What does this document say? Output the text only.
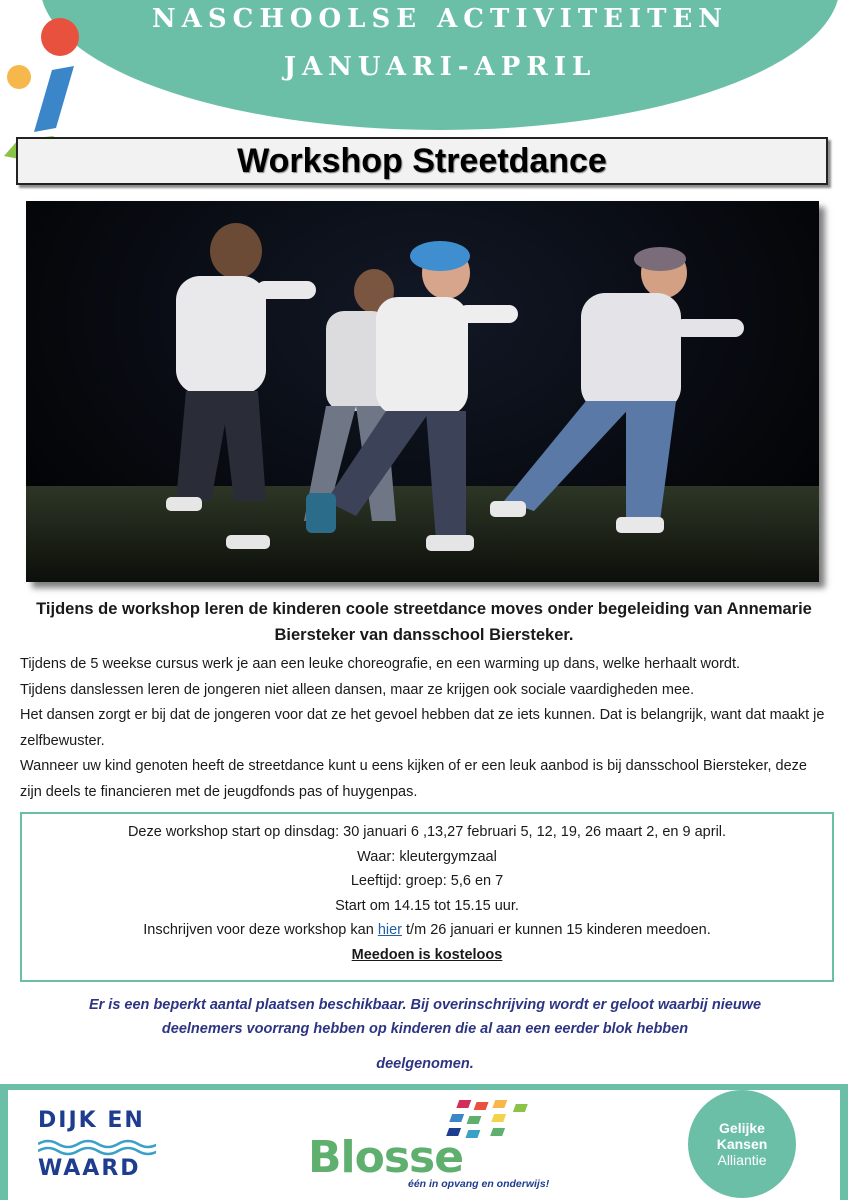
NASCHOOLSE ACTIVITEITEN
JANUARI-APRIL
Workshop Streetdance

Tijdens de workshop leren de kinderen coole streetdance moves onder begeleiding van Annemarie Biersteker van dansschool Biersteker.

Tijdens de 5 weekse cursus werk je aan een leuke choreografie, en een warming up dans, welke herhaalt wordt.

Tijdens danslessen leren de jongeren niet alleen dansen, maar ze krijgen ook sociale vaardigheden mee.

Het dansen zorgt er bij dat de jongeren voor dat ze het gevoel hebben dat ze iets kunnen. Dat is belangrijk, want dat maakt je zelfbewuster.

Wanneer uw kind genoten heeft de streetdance kunt u eens kijken of er een leuk aanbod is bij dansschool Biersteker, deze zijn deels te financieren met de jeugdfonds pas of huygenpas.

Deze workshop start op dinsdag: 30 januari 6 ,13,27 februari 5, 12, 19, 26 maart 2, en 9 april.

Waar: kleutergymzaal

Leeftijd: groep: 5,6 en 7

Start om 14.15 tot 15.15 uur.

Inschrijven voor deze workshop kan hier t/m 26 januari er kunnen 15 kinderen meedoen.

Meedoen is kosteloos

Er is een beperkt aantal plaatsen beschikbaar. Bij overinschrijving wordt er geloot waarbij nieuwe deelnemers voorrang hebben op kinderen die al aan een eerder blok hebben

deelgenomen.

DIJK EN
WAARD	Blosse
één in opvang en onderwijs!
Gelijke
Kansen
Alliantie
